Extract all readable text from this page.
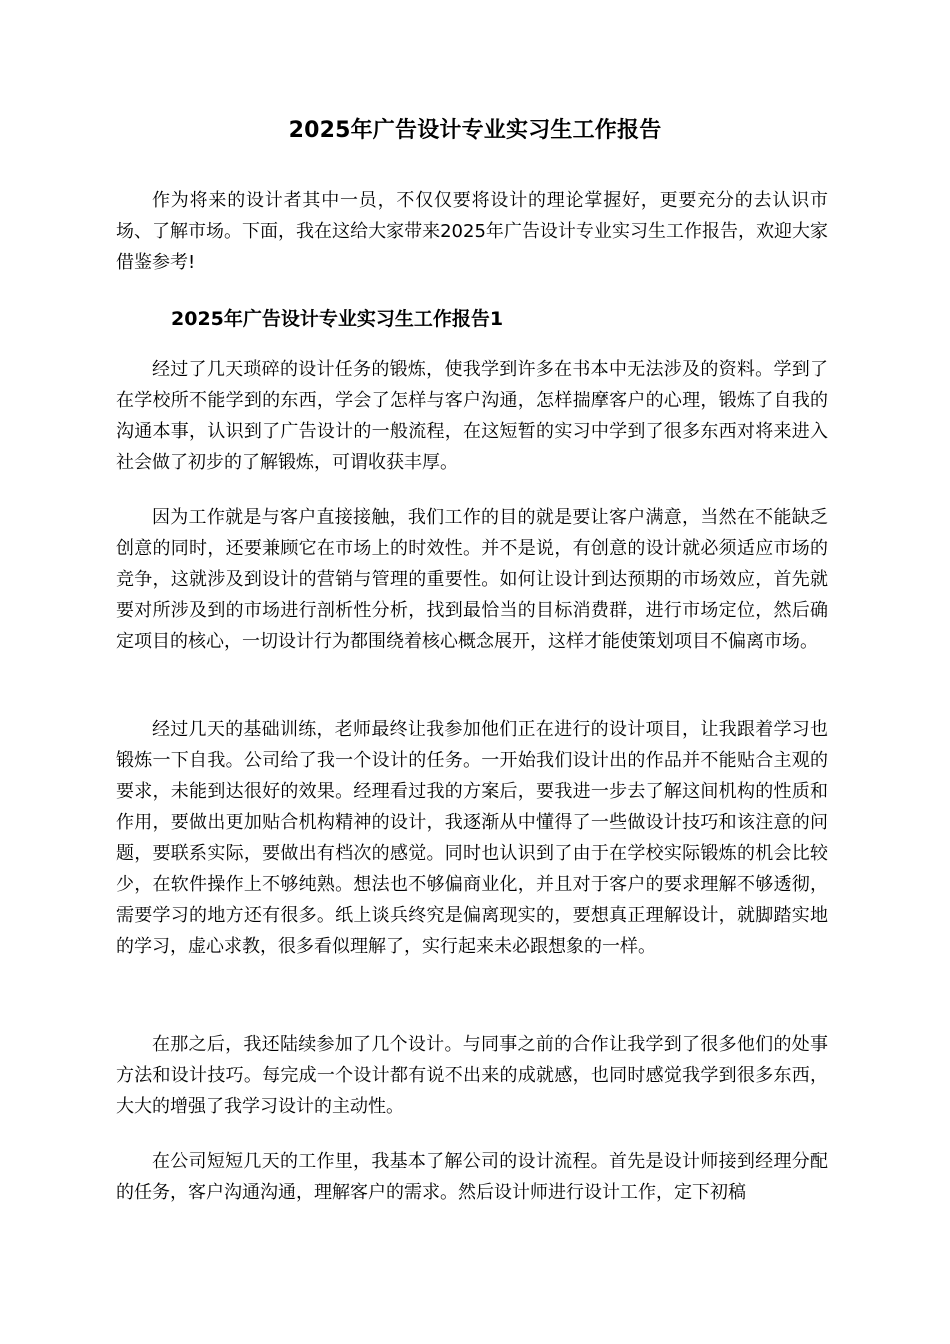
2025年广告设计专业实习生工作报告

作为将来的设计者其中一员，不仅仅要将设计的理论掌握好，更要充分的去认识市场、了解市场。下面，我在这给大家带来2025年广告设计专业实习生工作报告，欢迎大家借鉴参考!

2025年广告设计专业实习生工作报告1

经过了几天琐碎的设计任务的锻炼，使我学到许多在书本中无法涉及的资料。学到了在学校所不能学到的东西，学会了怎样与客户沟通，怎样揣摩客户的心理，锻炼了自我的沟通本事，认识到了广告设计的一般流程，在这短暂的实习中学到了很多东西对将来进入社会做了初步的了解锻炼，可谓收获丰厚。

因为工作就是与客户直接接触，我们工作的目的就是要让客户满意，当然在不能缺乏创意的同时，还要兼顾它在市场上的时效性。并不是说，有创意的设计就必须适应市场的竞争，这就涉及到设计的营销与管理的重要性。如何让设计到达预期的市场效应，首先就要对所涉及到的市场进行剖析性分析，找到最恰当的目标消费群，进行市场定位，然后确定项目的核心，一切设计行为都围绕着核心概念展开，这样才能使策划项目不偏离市场。

经过几天的基础训练，老师最终让我参加他们正在进行的设计项目，让我跟着学习也锻炼一下自我。公司给了我一个设计的任务。一开始我们设计出的作品并不能贴合主观的要求，未能到达很好的效果。经理看过我的方案后，要我进一步去了解这间机构的性质和作用，要做出更加贴合机构精神的设计，我逐渐从中懂得了一些做设计技巧和该注意的问题，要联系实际，要做出有档次的感觉。同时也认识到了由于在学校实际锻炼的机会比较少，在软件操作上不够纯熟。想法也不够偏商业化，并且对于客户的要求理解不够透彻，需要学习的地方还有很多。纸上谈兵终究是偏离现实的，要想真正理解设计，就脚踏实地的学习，虚心求教，很多看似理解了，实行起来未必跟想象的一样。

在那之后，我还陆续参加了几个设计。与同事之前的合作让我学到了很多他们的处事方法和设计技巧。每完成一个设计都有说不出来的成就感，也同时感觉我学到很多东西，大大的增强了我学习设计的主动性。

在公司短短几天的工作里，我基本了解公司的设计流程。首先是设计师接到经理分配的任务，客户沟通沟通，理解客户的需求。然后设计师进行设计工作，定下初稿
